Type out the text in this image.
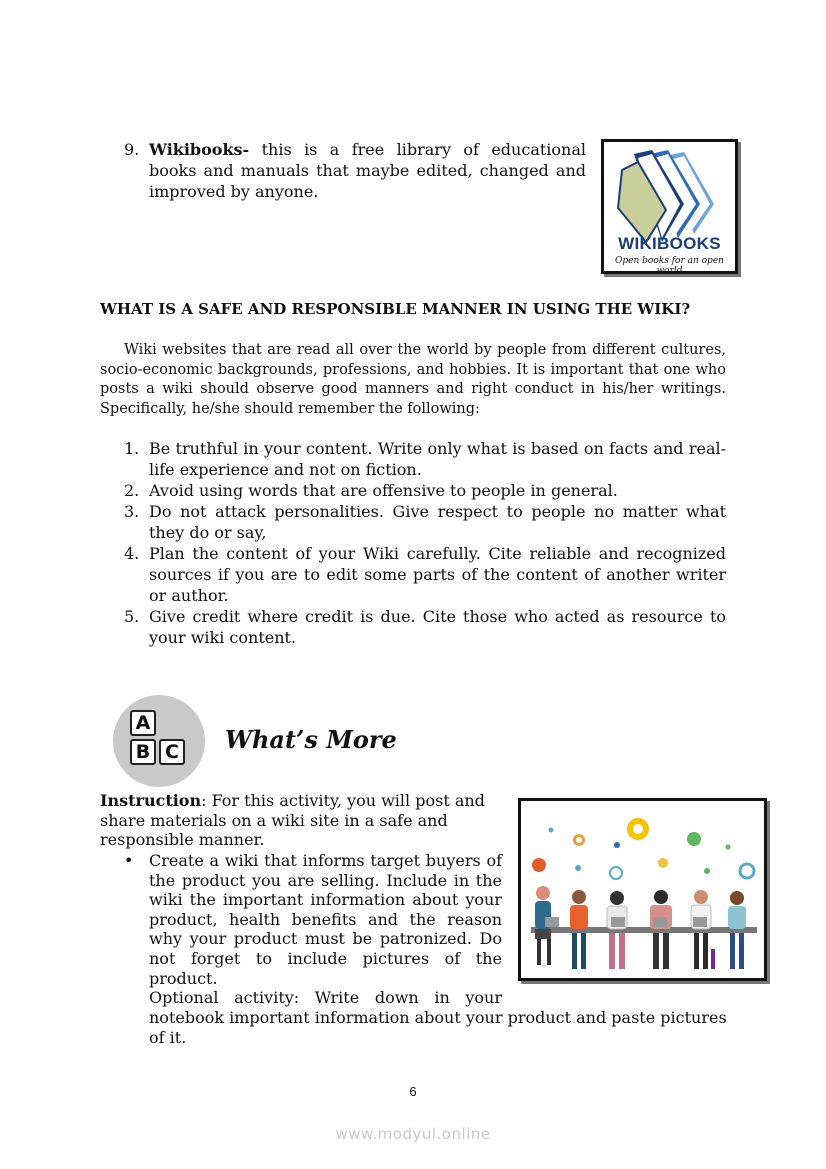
9. Wikibooks- this is a free library of educational books and manuals that maybe edited, changed and improved by anyone.
WIKIBOOKS
Open books for an open world
WHAT IS A SAFE AND RESPONSIBLE MANNER IN USING THE WIKI?
Wiki websites that are read all over the world by people from different cultures, socio-economic backgrounds, professions, and hobbies. It is important that one who posts a wiki should observe good manners and right conduct in his/her writings. Specifically, he/she should remember the following:
1. Be truthful in your content. Write only what is based on facts and real-life experience and not on fiction.
2. Avoid using words that are offensive to people in general.
3. Do not attack personalities. Give respect to people no matter what they do or say,
4. Plan the content of your Wiki carefully. Cite reliable and recognized sources if you are to edit some parts of the content of another writer or author.
5. Give credit where credit is due. Cite those who acted as resource to your wiki content.
A
B C What’s More
Instruction: For this activity, you will post and share materials on a wiki site in a safe and responsible manner.
• Create a wiki that informs target buyers of the product you are selling. Include in the wiki the important information about your product, health benefits and the reason why your product must be patronized. Do not forget to include pictures of the product.
Optional activity: Write down in your
notebook important information about your product and paste pictures of it.
6
www.modyul.online
